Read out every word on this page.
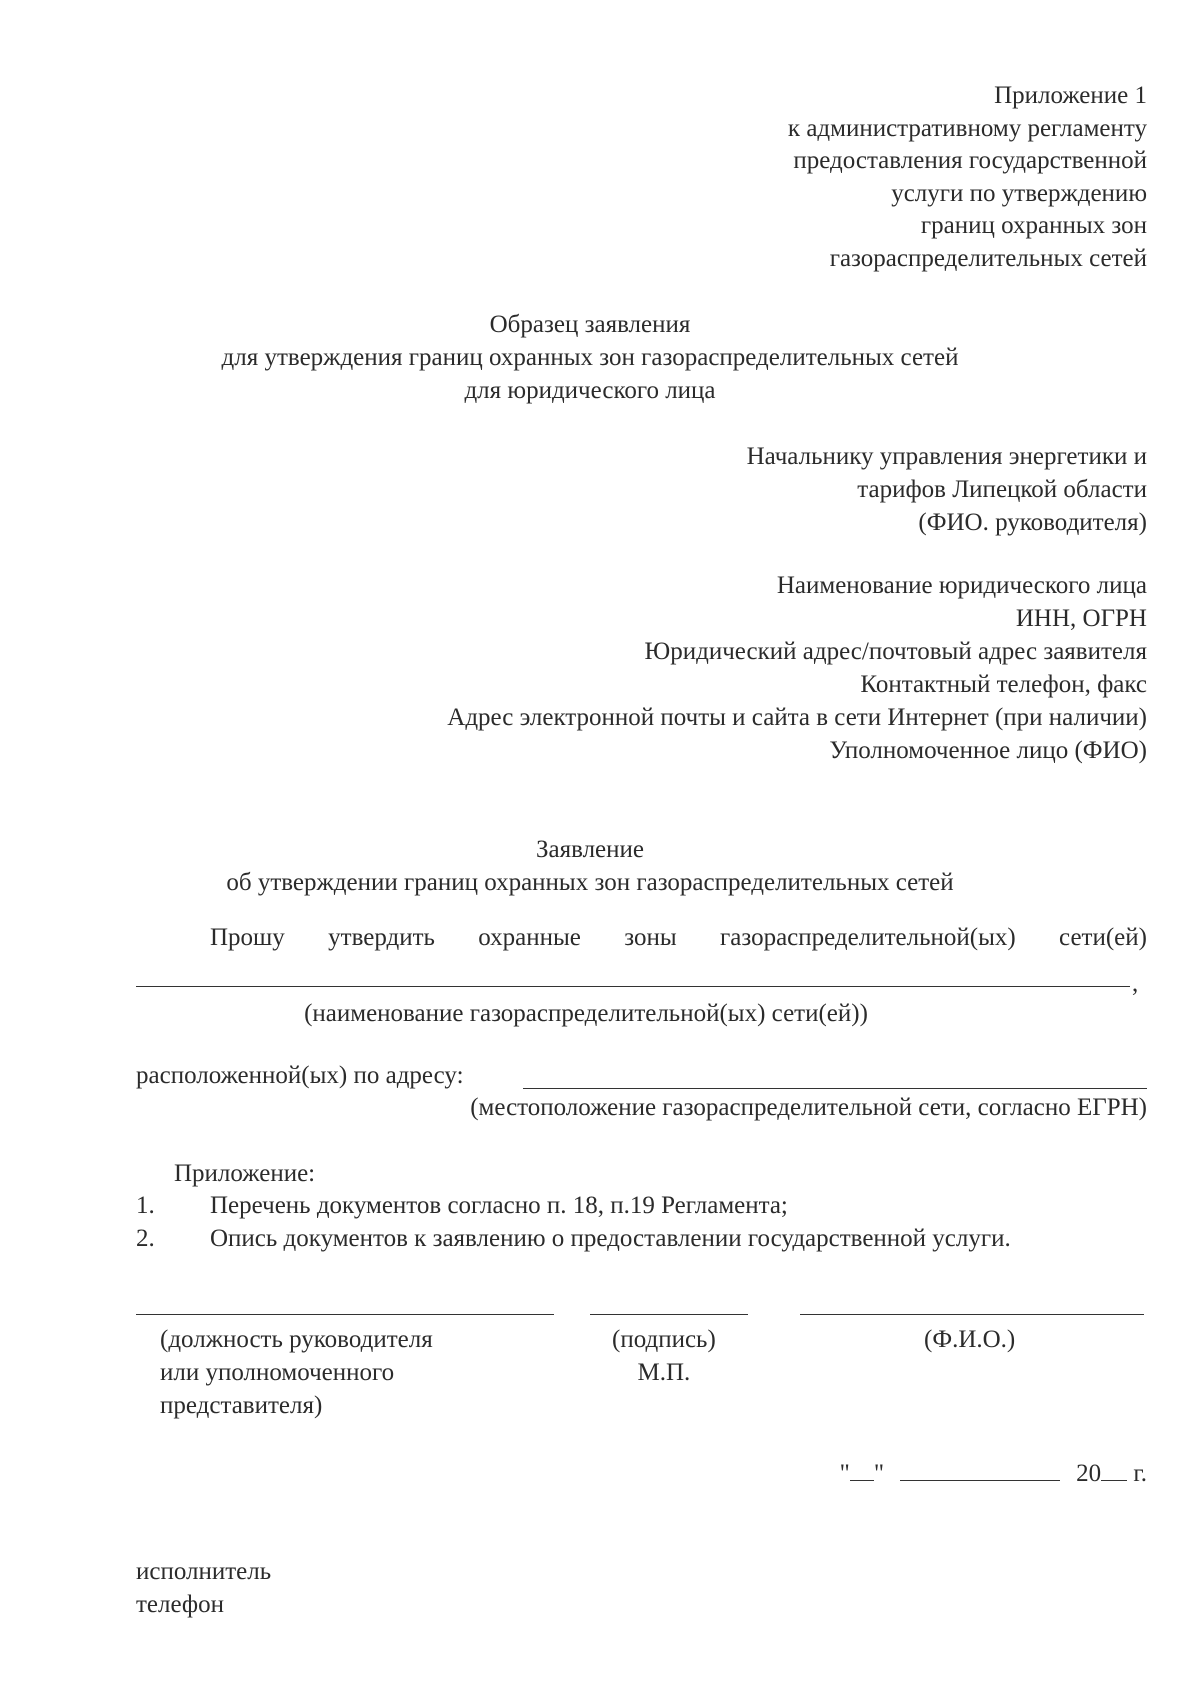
Приложение 1
к административному регламенту
предоставления государственной
услуги по утверждению
границ охранных зон
газораспределительных сетей
Образец заявления
для утверждения границ охранных зон газораспределительных сетей
для юридического лица
Начальнику управления энергетики и
тарифов Липецкой области
(ФИО. руководителя)
Наименование юридического лица
ИНН, ОГРН
Юридический адрес/почтовый адрес заявителя
Контактный телефон, факс
Адрес электронной почты и сайта в сети Интернет (при наличии)
Уполномоченное лицо (ФИО)
Заявление
об утверждении границ охранных зон газораспределительных сетей
Прошу утвердить охранные зоны газораспределительной(ых) сети(ей)
,
(наименование газораспределительной(ых) сети(ей))
расположенной(ых) по адресу:
(местоположение газораспределительной сети, согласно ЕГРН)
Приложение:
1.	Перечень документов согласно п. 18, п.19 Регламента;
2.	Опись документов к заявлению о предоставлении государственной услуги.
(должность руководителя
или уполномоченного
представителя)
(подпись)
М.П.
(Ф.И.О.)
" "	20 г.
исполнитель
телефон
